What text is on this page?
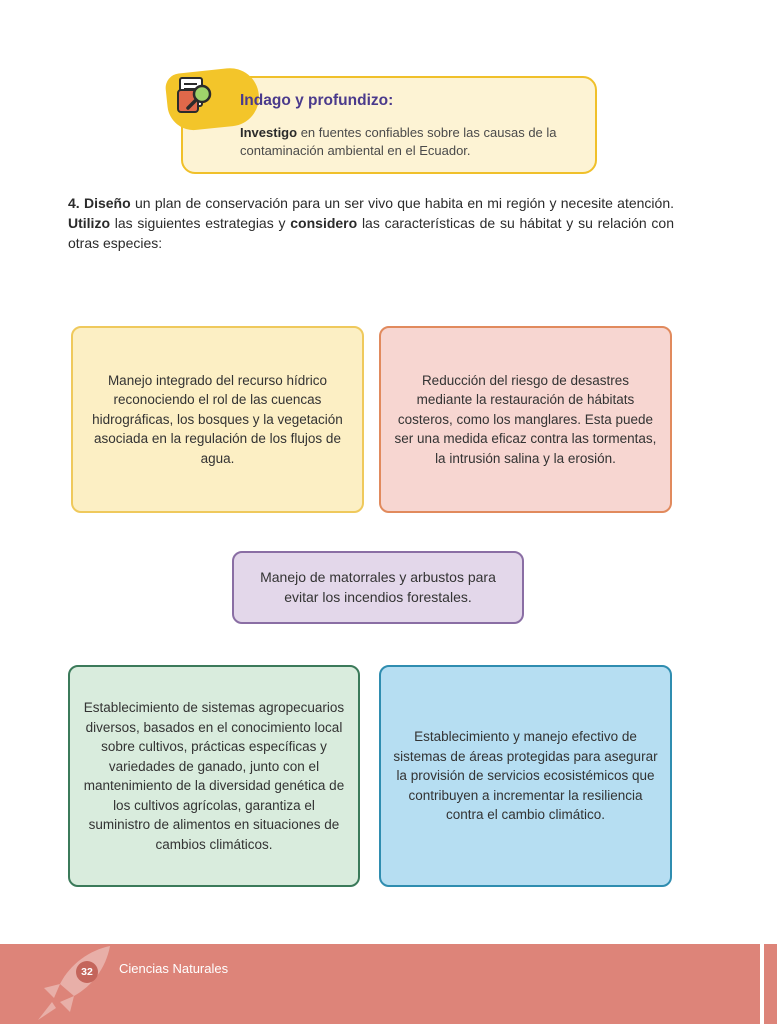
Indago y profundizo:
Investigo en fuentes confiables sobre las causas de la contaminación ambiental en el Ecuador.
4. Diseño un plan de conservación para un ser vivo que habita en mi región y necesite atención. Utilizo las siguientes estrategias y considero las características de su hábitat y su relación con otras especies:
Manejo integrado del recurso hídrico reconociendo el rol de las cuencas hidrográficas, los bosques y la vegetación asociada en la regulación de los flujos de agua.
Reducción del riesgo de desastres mediante la restauración de hábitats costeros, como los manglares. Esta puede ser una medida eficaz contra las tormentas, la intrusión salina y la erosión.
Manejo de matorrales y arbustos para evitar los incendios forestales.
Establecimiento de sistemas agropecuarios diversos, basados en el conocimiento local sobre cultivos, prácticas específicas y variedades de ganado, junto con el mantenimiento de la diversidad genética de los cultivos agrícolas, garantiza el suministro de alimentos en situaciones de cambios climáticos.
Establecimiento y manejo efectivo de sistemas de áreas protegidas para asegurar la provisión de servicios ecosistémicos que contribuyen a incrementar la resiliencia contra el cambio climático.
32	Ciencias Naturales
